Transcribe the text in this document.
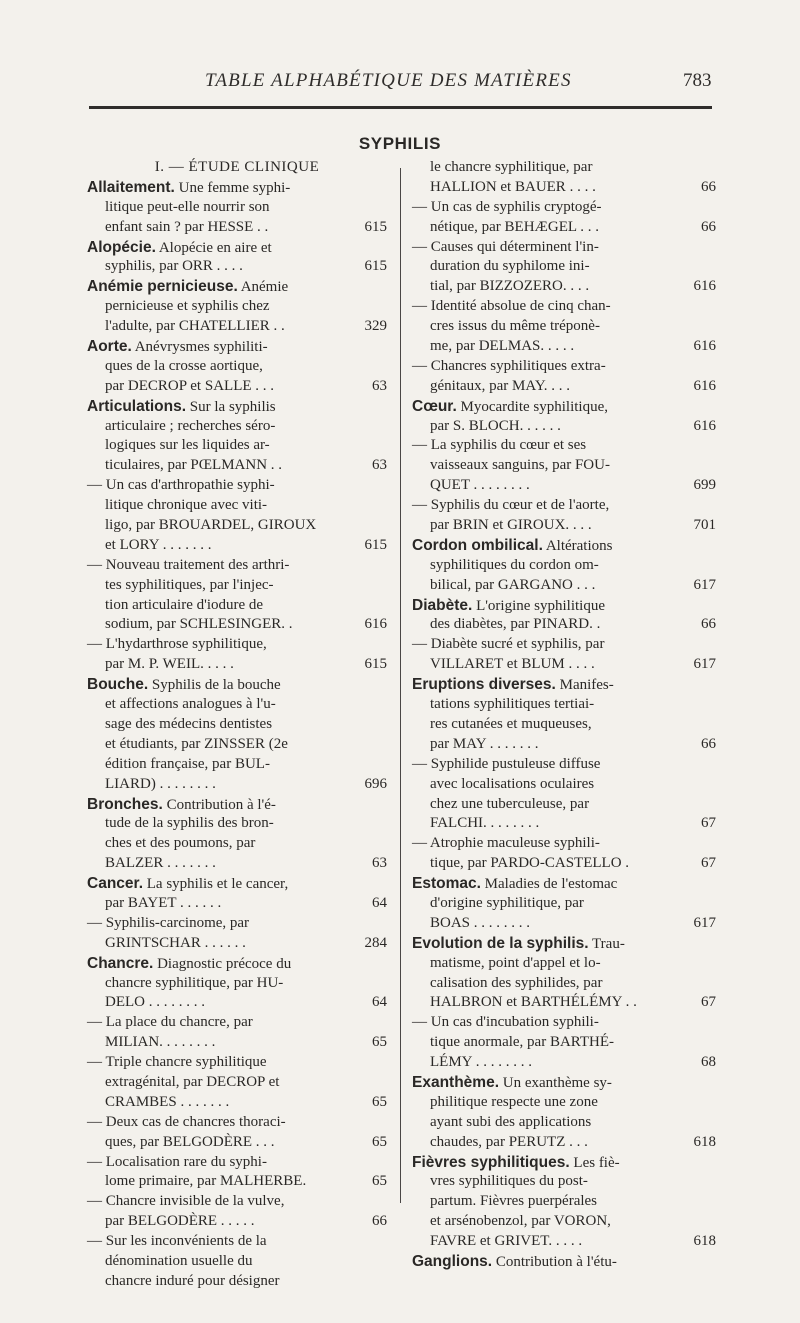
TABLE ALPHABÉTIQUE DES MATIÈRES	783
SYPHILIS
I. — ÉTUDE CLINIQUE
Allaitement. Une femme syphi-
litique peut-elle nourrir son
enfant sain ? par HESSE . .	615
Alopécie. Alopécie en aire et
syphilis, par ORR . . . .	615
Anémie pernicieuse. Anémie
pernicieuse et syphilis chez
l'adulte, par CHATELLIER . .	329
Aorte. Anévrysmes syphiliti-
ques de la crosse aortique,
par DECROP et SALLE . . .	63
Articulations. Sur la syphilis
articulaire ; recherches séro-
logiques sur les liquides ar-
ticulaires, par PŒLMANN . .	63
— Un cas d'arthropathie syphi-
litique chronique avec viti-
ligo, par BROUARDEL, GIROUX
et LORY . . . . . . .	615
— Nouveau traitement des arthri-
tes syphilitiques, par l'injec-
tion articulaire d'iodure de
sodium, par SCHLESINGER. .	616
— L'hydarthrose syphilitique,
par M. P. WEIL. . . . .	615
Bouche. Syphilis de la bouche
et affections analogues à l'u-
sage des médecins dentistes
et étudiants, par ZINSSER (2e
édition française, par BUL-
LIARD) . . . . . . . .	696
Bronches. Contribution à l'é-
tude de la syphilis des bron-
ches et des poumons, par
BALZER . . . . . . .	63
Cancer. La syphilis et le cancer,
par BAYET . . . . . .	64
— Syphilis-carcinome, par
GRINTSCHAR . . . . . .	284
Chancre. Diagnostic précoce du
chancre syphilitique, par HU-
DELO . . . . . . . .	64
— La place du chancre, par
MILIAN. . . . . . . .	65
— Triple chancre syphilitique
extragénital, par DECROP et
CRAMBES . . . . . . .	65
— Deux cas de chancres thoraci-
ques, par BELGODÈRE . . .	65
— Localisation rare du syphi-
lome primaire, par MALHERBE.	65
— Chancre invisible de la vulve,
par BELGODÈRE . . . . .	66
— Sur les inconvénients de la
dénomination usuelle du
chancre induré pour désigner
le chancre syphilitique, par
HALLION et BAUER . . . .	66
— Un cas de syphilis cryptogé-
nétique, par BEHÆGEL . . .	66
— Causes qui déterminent l'in-
duration du syphilome ini-
tial, par BIZZOZERO. . . .	616
— Identité absolue de cinq chan-
cres issus du même tréponè-
me, par DELMAS. . . . .	616
— Chancres syphilitiques extra-
génitaux, par MAY. . . .	616
Cœur. Myocardite syphilitique,
par S. BLOCH. . . . . .	616
— La syphilis du cœur et ses
vaisseaux sanguins, par FOU-
QUET . . . . . . . .	699
— Syphilis du cœur et de l'aorte,
par BRIN et GIROUX. . . .	701
Cordon ombilical. Altérations
syphilitiques du cordon om-
bilical, par GARGANO . . .	617
Diabète. L'origine syphilitique
des diabètes, par PINARD. .	66
— Diabète sucré et syphilis, par
VILLARET et BLUM . . . .	617
Eruptions diverses. Manifes-
tations syphilitiques tertiai-
res cutanées et muqueuses,
par MAY . . . . . . .	66
— Syphilide pustuleuse diffuse
avec localisations oculaires
chez une tuberculeuse, par
FALCHI. . . . . . . .	67
— Atrophie maculeuse syphili-
tique, par PARDO-CASTELLO .	67
Estomac. Maladies de l'estomac
d'origine syphilitique, par
BOAS . . . . . . . .	617
Evolution de la syphilis. Trau-
matisme, point d'appel et lo-
calisation des syphilides, par
HALBRON et BARTHÉLÉMY . .	67
— Un cas d'incubation syphili-
tique anormale, par BARTHÉ-
LÉMY . . . . . . . .	68
Exanthème. Un exanthème sy-
philitique respecte une zone
ayant subi des applications
chaudes, par PERUTZ . . .	618
Fièvres syphilitiques. Les fiè-
vres syphilitiques du post-
partum. Fièvres puerpérales
et arsénobenzol, par VORON,
FAVRE et GRIVET. . . . .	618
Ganglions. Contribution à l'étu-
